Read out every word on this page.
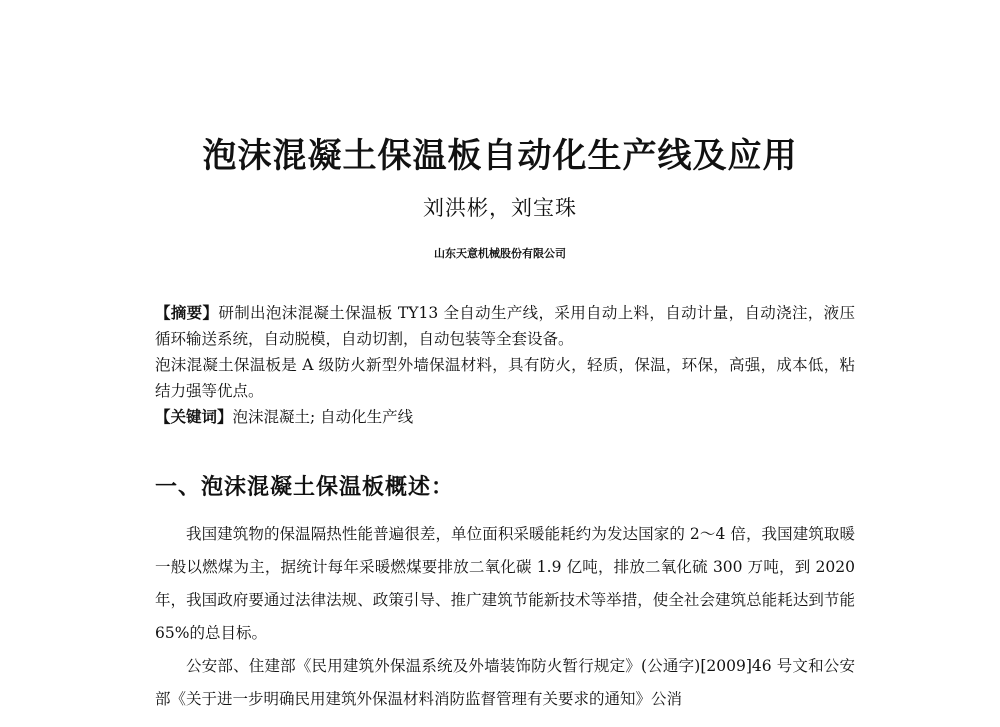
泡沫混凝土保温板自动化生产线及应用
刘洪彬，刘宝珠
山东天意机械股份有限公司

【摘要】研制出泡沫混凝土保温板 TY13 全自动生产线，采用自动上料，自动计量，自动浇注，液压循环输送系统，自动脱模，自动切割，自动包装等全套设备。

泡沫混凝土保温板是 A 级防火新型外墙保温材料，具有防火，轻质，保温，环保，高强，成本低，粘结力强等优点。

【关键词】泡沫混凝土; 自动化生产线

一、泡沫混凝土保温板概述：

我国建筑物的保温隔热性能普遍很差，单位面积采暖能耗约为发达国家的 2～4 倍，我国建筑取暖一般以燃煤为主，据统计每年采暖燃煤要排放二氧化碳 1.9 亿吨，排放二氧化硫 300 万吨，到 2020 年，我国政府要通过法律法规、政策引导、推广建筑节能新技术等举措，使全社会建筑总能耗达到节能 65%的总目标。

公安部、住建部《民用建筑外保温系统及外墙装饰防火暂行规定》(公通字)[2009]46 号文和公安部《关于进一步明确民用建筑外保温材料消防监督管理有关要求的通知》公消
